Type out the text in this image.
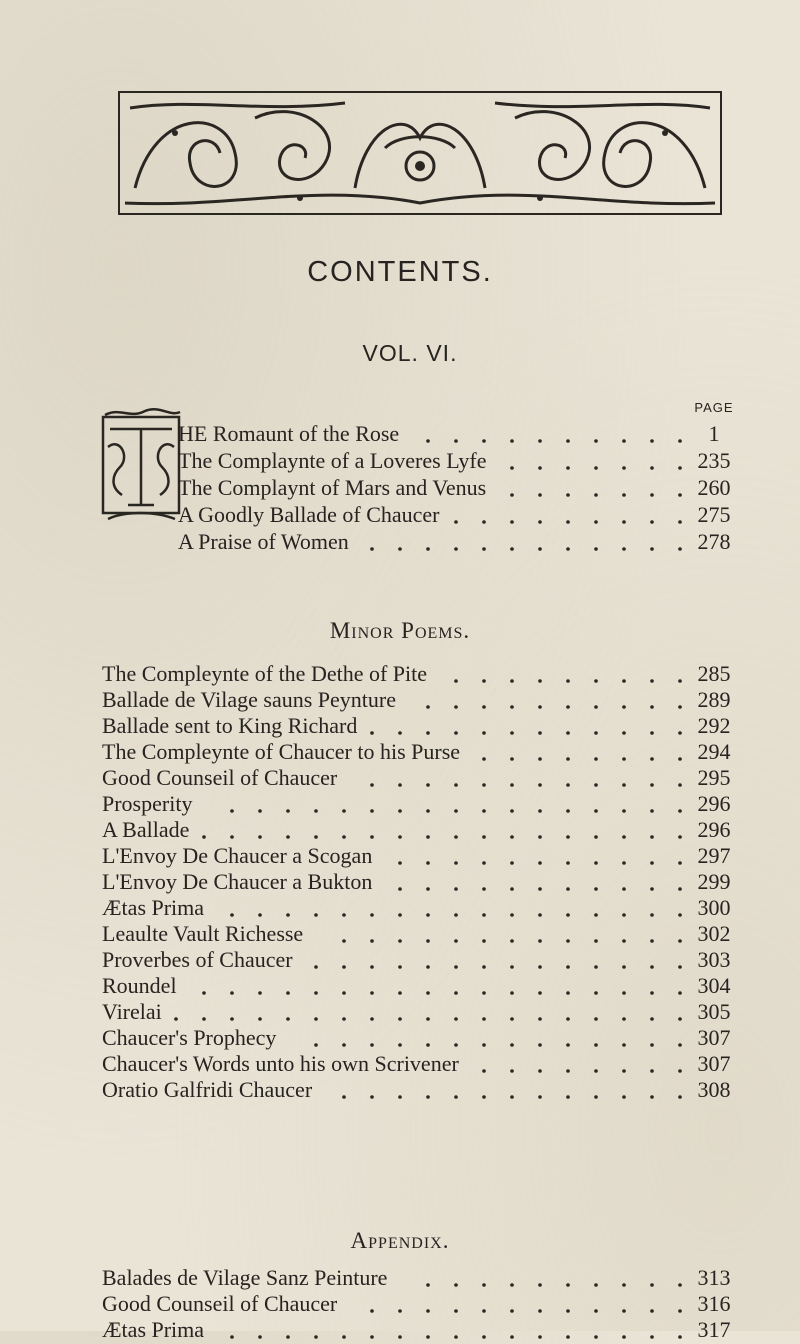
CONTENTS.
VOL. VI.
PAGE
HE Romaunt of the Rose	1
The Complaynte of a Loveres Lyfe	235
The Complaynt of Mars and Venus	260
A Goodly Ballade of Chaucer	275
A Praise of Women	278
Minor Poems.
The Compleynte of the Dethe of Pite	285
Ballade de Vilage sauns Peynture	289
Ballade sent to King Richard	292
The Compleynte of Chaucer to his Purse	294
Good Counseil of Chaucer	295
Prosperity	296
A Ballade	296
L'Envoy De Chaucer a Scogan	297
L'Envoy De Chaucer a Bukton	299
Ætas Prima	300
Leaulte Vault Richesse	302
Proverbes of Chaucer	303
Roundel	304
Virelai	305
Chaucer's Prophecy	307
Chaucer's Words unto his own Scrivener	307
Oratio Galfridi Chaucer	308
Appendix.
Balades de Vilage Sanz Peinture	313
Good Counseil of Chaucer	316
Ætas Prima	317
